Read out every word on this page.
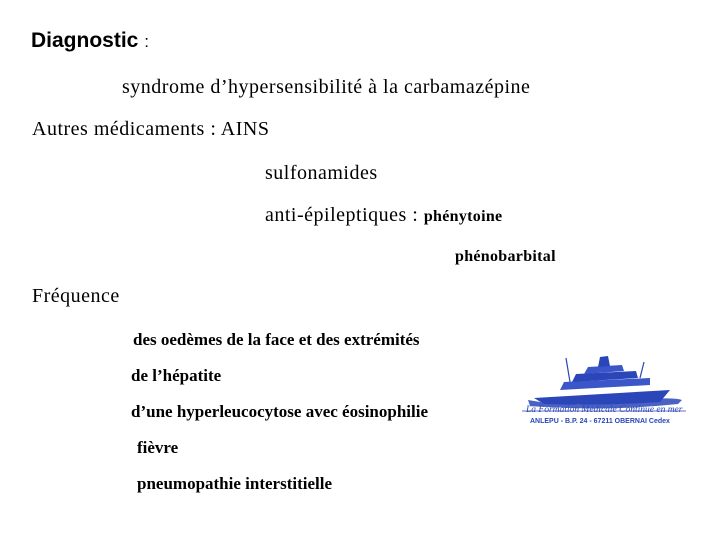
Diagnostic :
syndrome d’hypersensibilité à la carbamazépine
Autres médicaments : AINS
sulfonamides
anti-épileptiques : phénytoine
phénobarbital
Fréquence
des oedèmes de la face et des extrémités
de l’hépatite
d’une hyperleucocytose avec éosinophilie
fièvre
pneumopathie interstitielle
La Formation Médicale Continue en mer
ANLEPU - B.P. 24 - 67211 OBERNAI Cedex
